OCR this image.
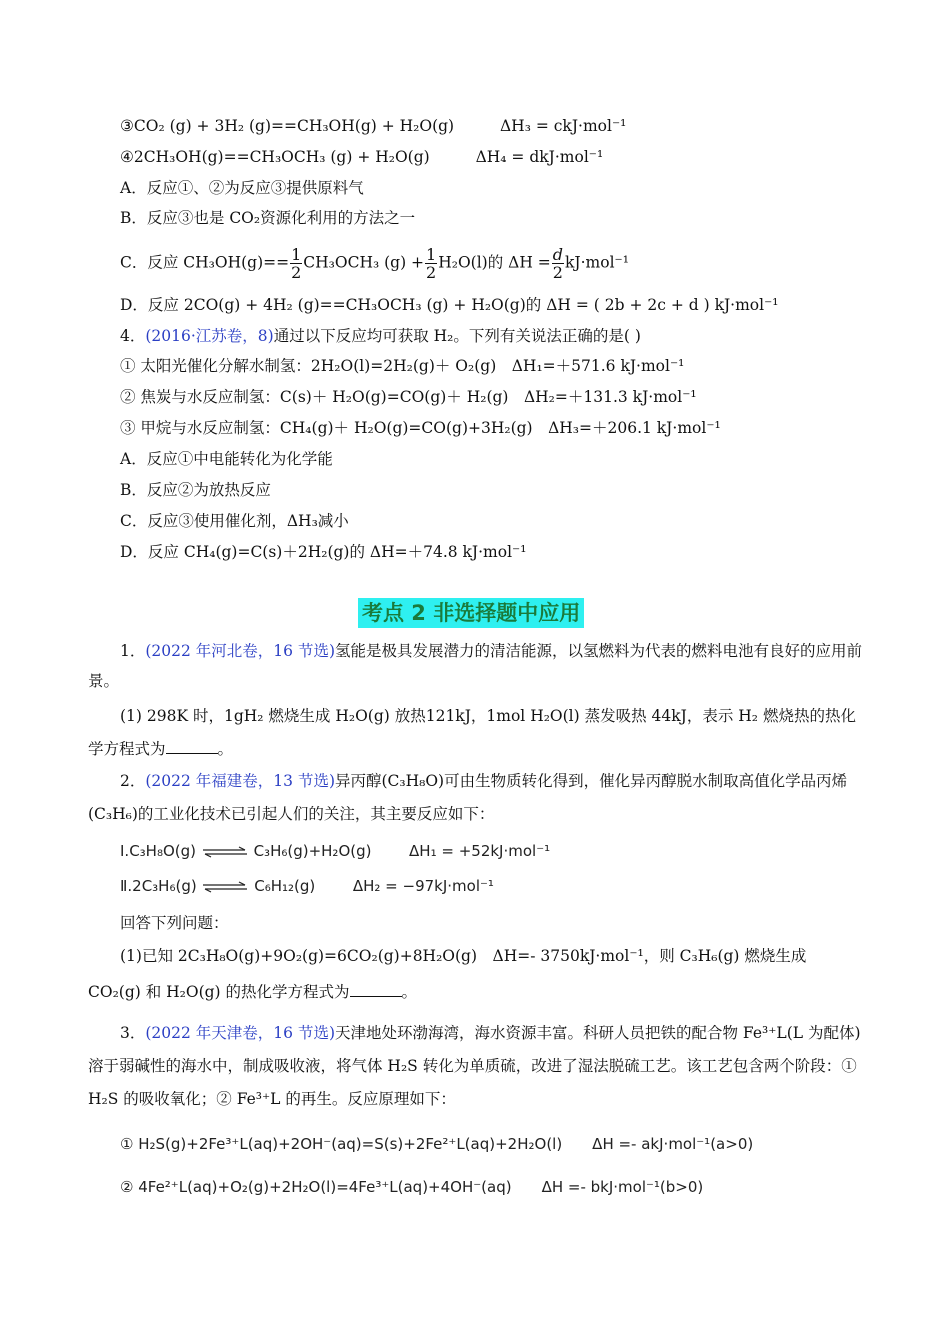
③CO₂ (g) + 3H₂ (g)==CH₃OH(g) + H₂O(g)	ΔH₃ = ckJ·mol⁻¹
④2CH₃OH(g)==CH₃OCH₃ (g) + H₂O(g)	ΔH₄ = dkJ·mol⁻¹
A．反应①、②为反应③提供原料气
B．反应③也是 CO₂资源化利用的方法之一
C．反应 $CH_3OH(g)== \frac{1}{2} CH_3OCH_3$ $(g) + \frac{1}{2} H_2O(l)$的 $\Delta H = \frac{d}{2} kJ\cdot mol^{-1}$
D．反应 2CO(g) + 4H₂ (g)==CH₃OCH₃ (g) + H₂O(g)的 ΔH = ( 2b + 2c + d ) kJ·mol⁻¹
4．(2016·江苏卷，8)通过以下反应均可获取 H₂。下列有关说法正确的是( )
① 太阳光催化分解水制氢：2H₂O(l)=2H₂(g)＋ O₂(g)　ΔH₁=＋571.6 kJ·mol⁻¹
② 焦炭与水反应制氢：C(s)＋ H₂O(g)=CO(g)＋ H₂(g)　ΔH₂=＋131.3 kJ·mol⁻¹
③ 甲烷与水反应制氢：CH₄(g)＋ H₂O(g)=CO(g)+3H₂(g)　ΔH₃=＋206.1 kJ·mol⁻¹
A．反应①中电能转化为化学能
B．反应②为放热反应
C．反应③使用催化剂，ΔH₃减小
D．反应 CH₄(g)=C(s)＋2H₂(g)的 ΔH=＋74.8 kJ·mol⁻¹
考点 2 非选择题中应用
1．(2022 年河北卷，16 节选)氢能是极具发展潜力的清洁能源，以氢燃料为代表的燃料电池有良好的应用前景。
(1) 298K 时，1gH₂ 燃烧生成 H₂O(g) 放热121kJ，1mol H₂O(l) 蒸发吸热 44kJ，表示 H₂ 燃烧热的热化学方程式为	。
2．(2022 年福建卷，13 节选)异丙醇(C₃H₈O)可由生物质转化得到，催化异丙醇脱水制取高值化学品丙烯(C₃H₆)的工业化技术已引起人们的关注，其主要反应如下：
Ⅰ.C₃H₈O(g) ⇌ C₃H₆(g)+H₂O(g)	ΔH₁ = +52kJ·mol⁻¹
Ⅱ.2C₃H₆(g) ⇌ C₆H₁₂(g)	ΔH₂ = −97kJ·mol⁻¹
回答下列问题：
(1)已知 2C₃H₈O(g)+9O₂(g)=6CO₂(g)+8H₂O(g)　ΔH=- 3750kJ·mol⁻¹，则 C₃H₆(g) 燃烧生成 CO₂(g) 和 H₂O(g) 的热化学方程式为	。
3．(2022 年天津卷，16 节选)天津地处环渤海湾，海水资源丰富。科研人员把铁的配合物 Fe³⁺L(L 为配体)溶于弱碱性的海水中，制成吸收液，将气体 H₂S 转化为单质硫，改进了湿法脱硫工艺。该工艺包含两个阶段：① H₂S 的吸收氧化；② Fe³⁺L 的再生。反应原理如下：
① H₂S(g)+2Fe³⁺L(aq)+2OH⁻(aq)=S(s)+2Fe²⁺L(aq)+2H₂O(l)　　ΔH =- akJ·mol⁻¹(a>0)
② 4Fe²⁺L(aq)+O₂(g)+2H₂O(l)=4Fe³⁺L(aq)+4OH⁻(aq)　　ΔH =- bkJ·mol⁻¹(b>0)
